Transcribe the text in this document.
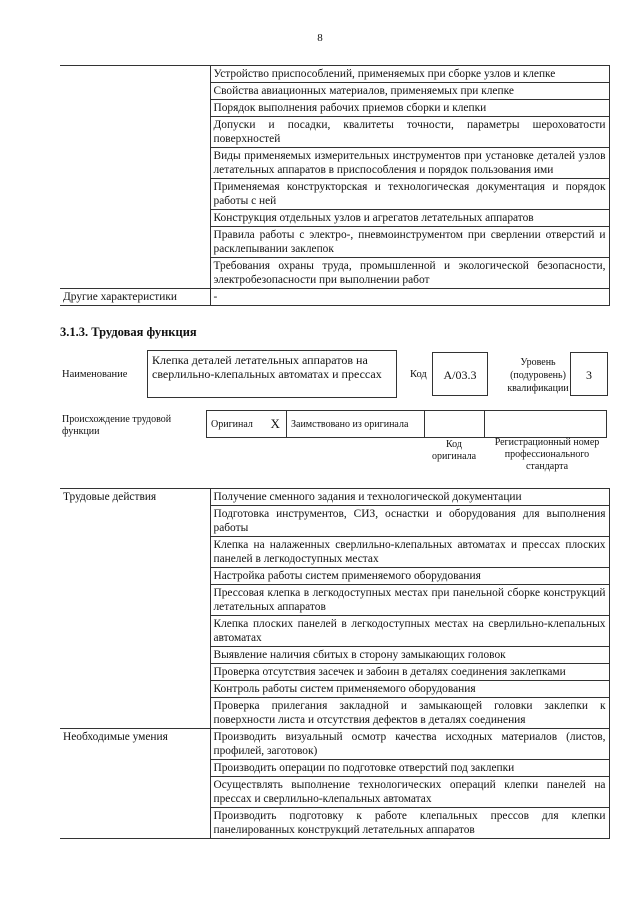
8
	Устройство приспособлений, применяемых при сборке узлов и клепке
	Свойства авиационных материалов, применяемых при клепке
	Порядок выполнения рабочих приемов сборки и клепки
	Допуски и посадки, квалитеты точности, параметры шероховатости поверхностей
	Виды применяемых измерительных инструментов при установке деталей узлов летательных аппаратов в приспособления и порядок пользования ими
	Применяемая конструкторская и технологическая документация и порядок работы с ней
	Конструкция отдельных узлов и агрегатов летательных аппаратов
	Правила работы с электро-, пневмоинструментом при сверлении отверстий и расклепывании заклепок
	Требования охраны труда, промышленной и экологической безопасности, электробезопасности при выполнении работ
Другие характеристики	-
3.1.3. Трудовая функция
Наименование
Клепка деталей летательных аппаратов на сверлильно-клепальных автоматах и прессах	Код	А/03.3
Уровень (подуровень) квалификации
3
Происхождение трудовой функции
Оригинал	X	Заимствовано из оригинала		
Код оригинала
Регистрационный номер профессионального стандарта
Трудовые действия	Получение сменного задания и технологической документации
	Подготовка инструментов, СИЗ, оснастки и оборудования для выполнения работы
	Клепка на налаженных сверлильно-клепальных автоматах и прессах плоских панелей в легкодоступных местах
	Настройка работы систем применяемого оборудования
	Прессовая клепка в легкодоступных местах при панельной сборке конструкций летательных аппаратов
	Клепка плоских панелей в легкодоступных местах на сверлильно-клепальных автоматах
	Выявление наличия сбитых в сторону замыкающих головок
	Проверка отсутствия засечек и забоин в деталях соединения заклепками
	Контроль работы систем применяемого оборудования
	Проверка прилегания закладной и замыкающей головки заклепки к поверхности листа и отсутствия дефектов в деталях соединения
Необходимые умения	Производить визуальный осмотр качества исходных материалов (листов, профилей, заготовок)
	Производить операции по подготовке отверстий под заклепки
	Осуществлять выполнение технологических операций клепки панелей на прессах и сверлильно-клепальных автоматах
	Производить подготовку к работе клепальных прессов для клепки панелированных конструкций летательных аппаратов
